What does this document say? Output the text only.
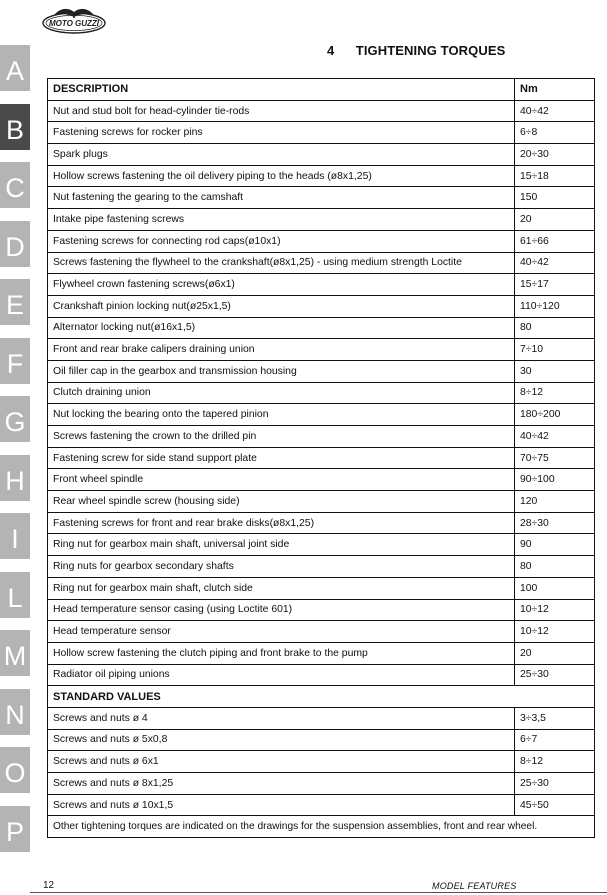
MOTO GUZZI
4 TIGHTENING TORQUES
A
B
C
D
E
F
G
H
I
L
M
N
O
P
DESCRIPTION	Nm
Nut and stud bolt for head-cylinder tie-rods	40÷42
Fastening screws for rocker pins	6÷8
Spark plugs	20÷30
Hollow screws fastening the oil delivery piping to the heads (ø8x1,25)	15÷18
Nut fastening the gearing to the camshaft	150
Intake pipe fastening screws	20
Fastening screws for connecting rod caps(ø10x1)	61÷66
Screws fastening the flywheel to the crankshaft(ø8x1,25) - using medium strength Loctite	40÷42
Flywheel crown fastening screws(ø6x1)	15÷17
Crankshaft pinion locking nut(ø25x1,5)	110÷120
Alternator locking nut(ø16x1,5)	80
Front and rear brake calipers draining union	7÷10
Oil filler cap in the gearbox and transmission housing	30
Clutch draining union	8÷12
Nut locking the bearing onto the tapered pinion	180÷200
Screws fastening the crown to the drilled pin	40÷42
Fastening screw for side stand support plate	70÷75
Front wheel spindle	90÷100
Rear wheel spindle screw (housing side)	120
Fastening screws for front and rear brake disks(ø8x1,25)	28÷30
Ring nut for gearbox main shaft, universal joint side	90
Ring nuts for gearbox secondary shafts	80
Ring nut for gearbox main shaft, clutch side	100
Head temperature sensor casing (using Loctite 601)	10÷12
Head temperature sensor	10÷12
Hollow screw fastening the clutch piping and front brake to the pump	20
Radiator oil piping unions	25÷30
STANDARD VALUES	
Screws and nuts ø 4	3÷3,5
Screws and nuts ø 5x0,8	6÷7
Screws and nuts ø 6x1	8÷12
Screws and nuts ø 8x1,25	25÷30
Screws and nuts ø 10x1,5	45÷50
Other tightening torques are indicated on the drawings for the suspension assemblies, front and rear wheel.	
12	MODEL FEATURES
